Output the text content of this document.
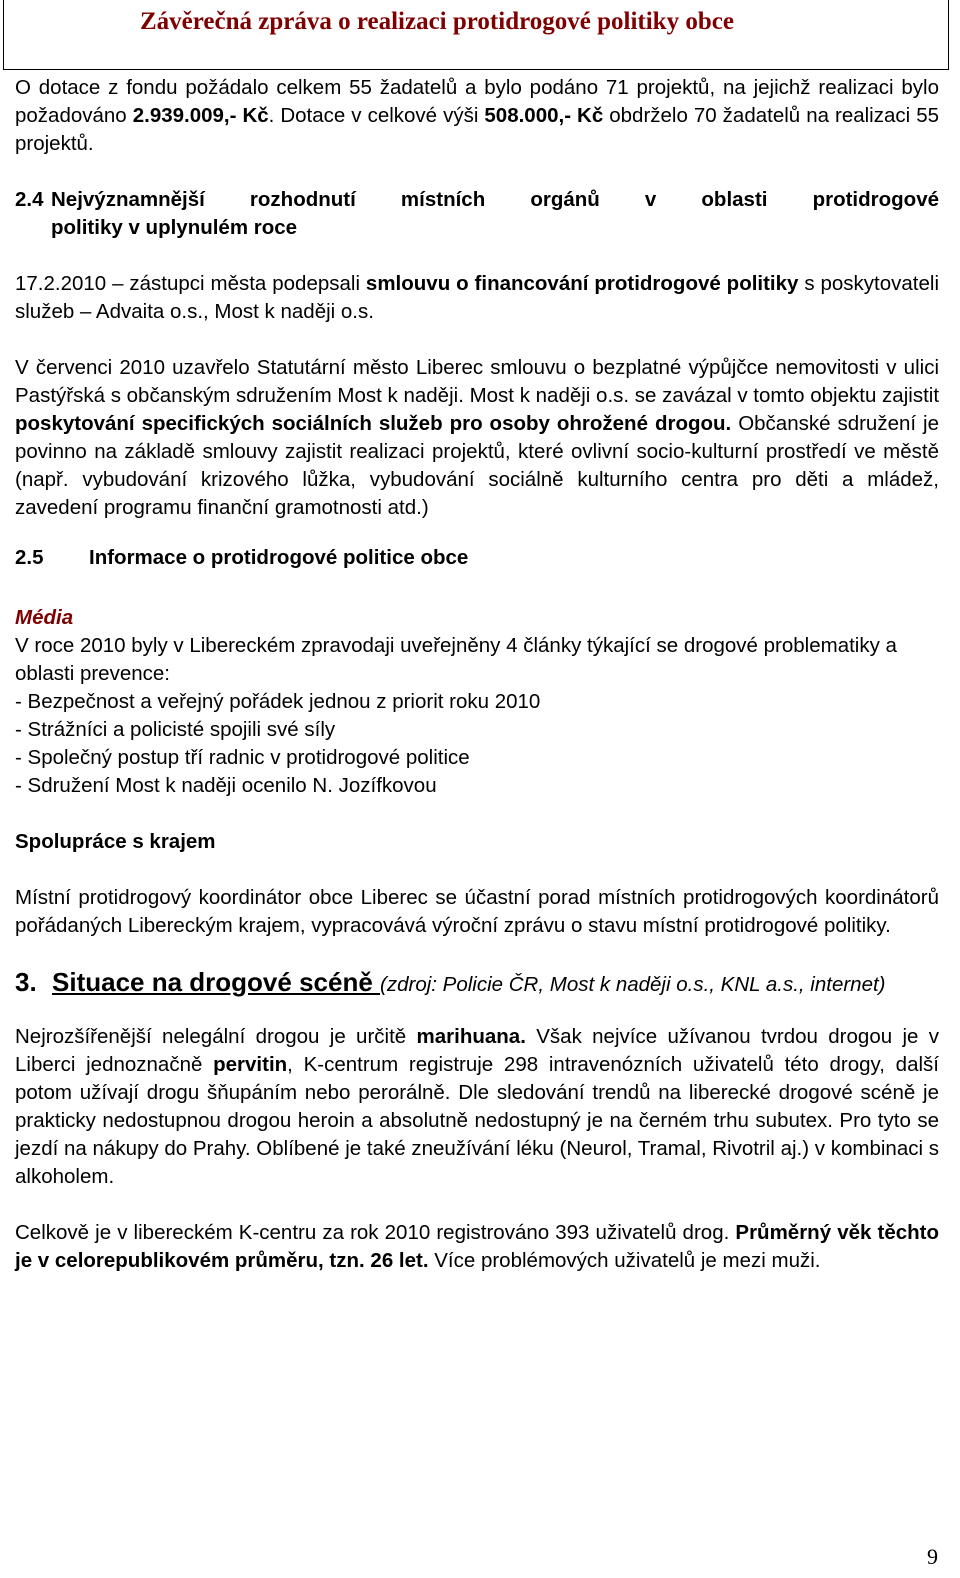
Závěrečná zpráva o realizaci protidrogové politiky obce

O dotace z fondu požádalo celkem 55 žadatelů a bylo podáno 71 projektů, na jejichž realizaci bylo požadováno 2.939.009,- Kč. Dotace v celkové výši 508.000,- Kč obdrželo 70 žadatelů na realizaci 55 projektů.

2.4 Nejvýznamnější rozhodnutí místních orgánů v oblasti protidrogové
politiky v uplynulém roce

17.2.2010 – zástupci města podepsali smlouvu o financování protidrogové politiky s poskytovateli služeb – Advaita o.s., Most k naději o.s.

V červenci 2010 uzavřelo Statutární město Liberec smlouvu o bezplatné výpůjčce nemovitosti v ulici Pastýřská s občanským sdružením Most k naději. Most k naději o.s. se zavázal v tomto objektu zajistit poskytování specifických sociálních služeb pro osoby ohrožené drogou. Občanské sdružení je povinno na základě smlouvy zajistit realizaci projektů, které ovlivní socio-kulturní prostředí ve městě (např. vybudování krizového lůžka, vybudování sociálně kulturního centra pro děti a mládež, zavedení programu finanční gramotnosti atd.)

2.5	Informace o protidrogové politice obce
Média

V roce 2010 byly v Libereckém zpravodaji uveřejněny 4 články týkající se drogové problematiky a oblasti prevence:

- Bezpečnost a veřejný pořádek jednou z priorit roku 2010
- Strážníci a policisté spojili své síly
- Společný postup tří radnic v protidrogové politice
- Sdružení Most k naději ocenilo N. Jozífkovou
Spolupráce s krajem

Místní protidrogový koordinátor obce Liberec se účastní porad místních protidrogových koordinátorů pořádaných Libereckým krajem, vypracovává výroční zprávu o stavu místní protidrogové politiky.

3. Situace na drogové scéně (zdroj: Policie ČR, Most k naději o.s., KNL a.s., internet)

Nejrozšířenější nelegální drogou je určitě marihuana. Však nejvíce užívanou tvrdou drogou je v Liberci jednoznačně pervitin, K-centrum registruje 298 intravenózních uživatelů této drogy, další potom užívají drogu šňupáním nebo perorálně. Dle sledování trendů na liberecké drogové scéně je prakticky nedostupnou drogou heroin a absolutně nedostupný je na černém trhu subutex. Pro tyto se jezdí na nákupy do Prahy. Oblíbené je také zneužívání léku (Neurol, Tramal, Rivotril aj.) v kombinaci s alkoholem.

Celkově je v libereckém K-centru za rok 2010 registrováno 393 uživatelů drog. Průměrný věk těchto je v celorepublikovém průměru, tzn. 26 let. Více problémových uživatelů je mezi muži.

9
